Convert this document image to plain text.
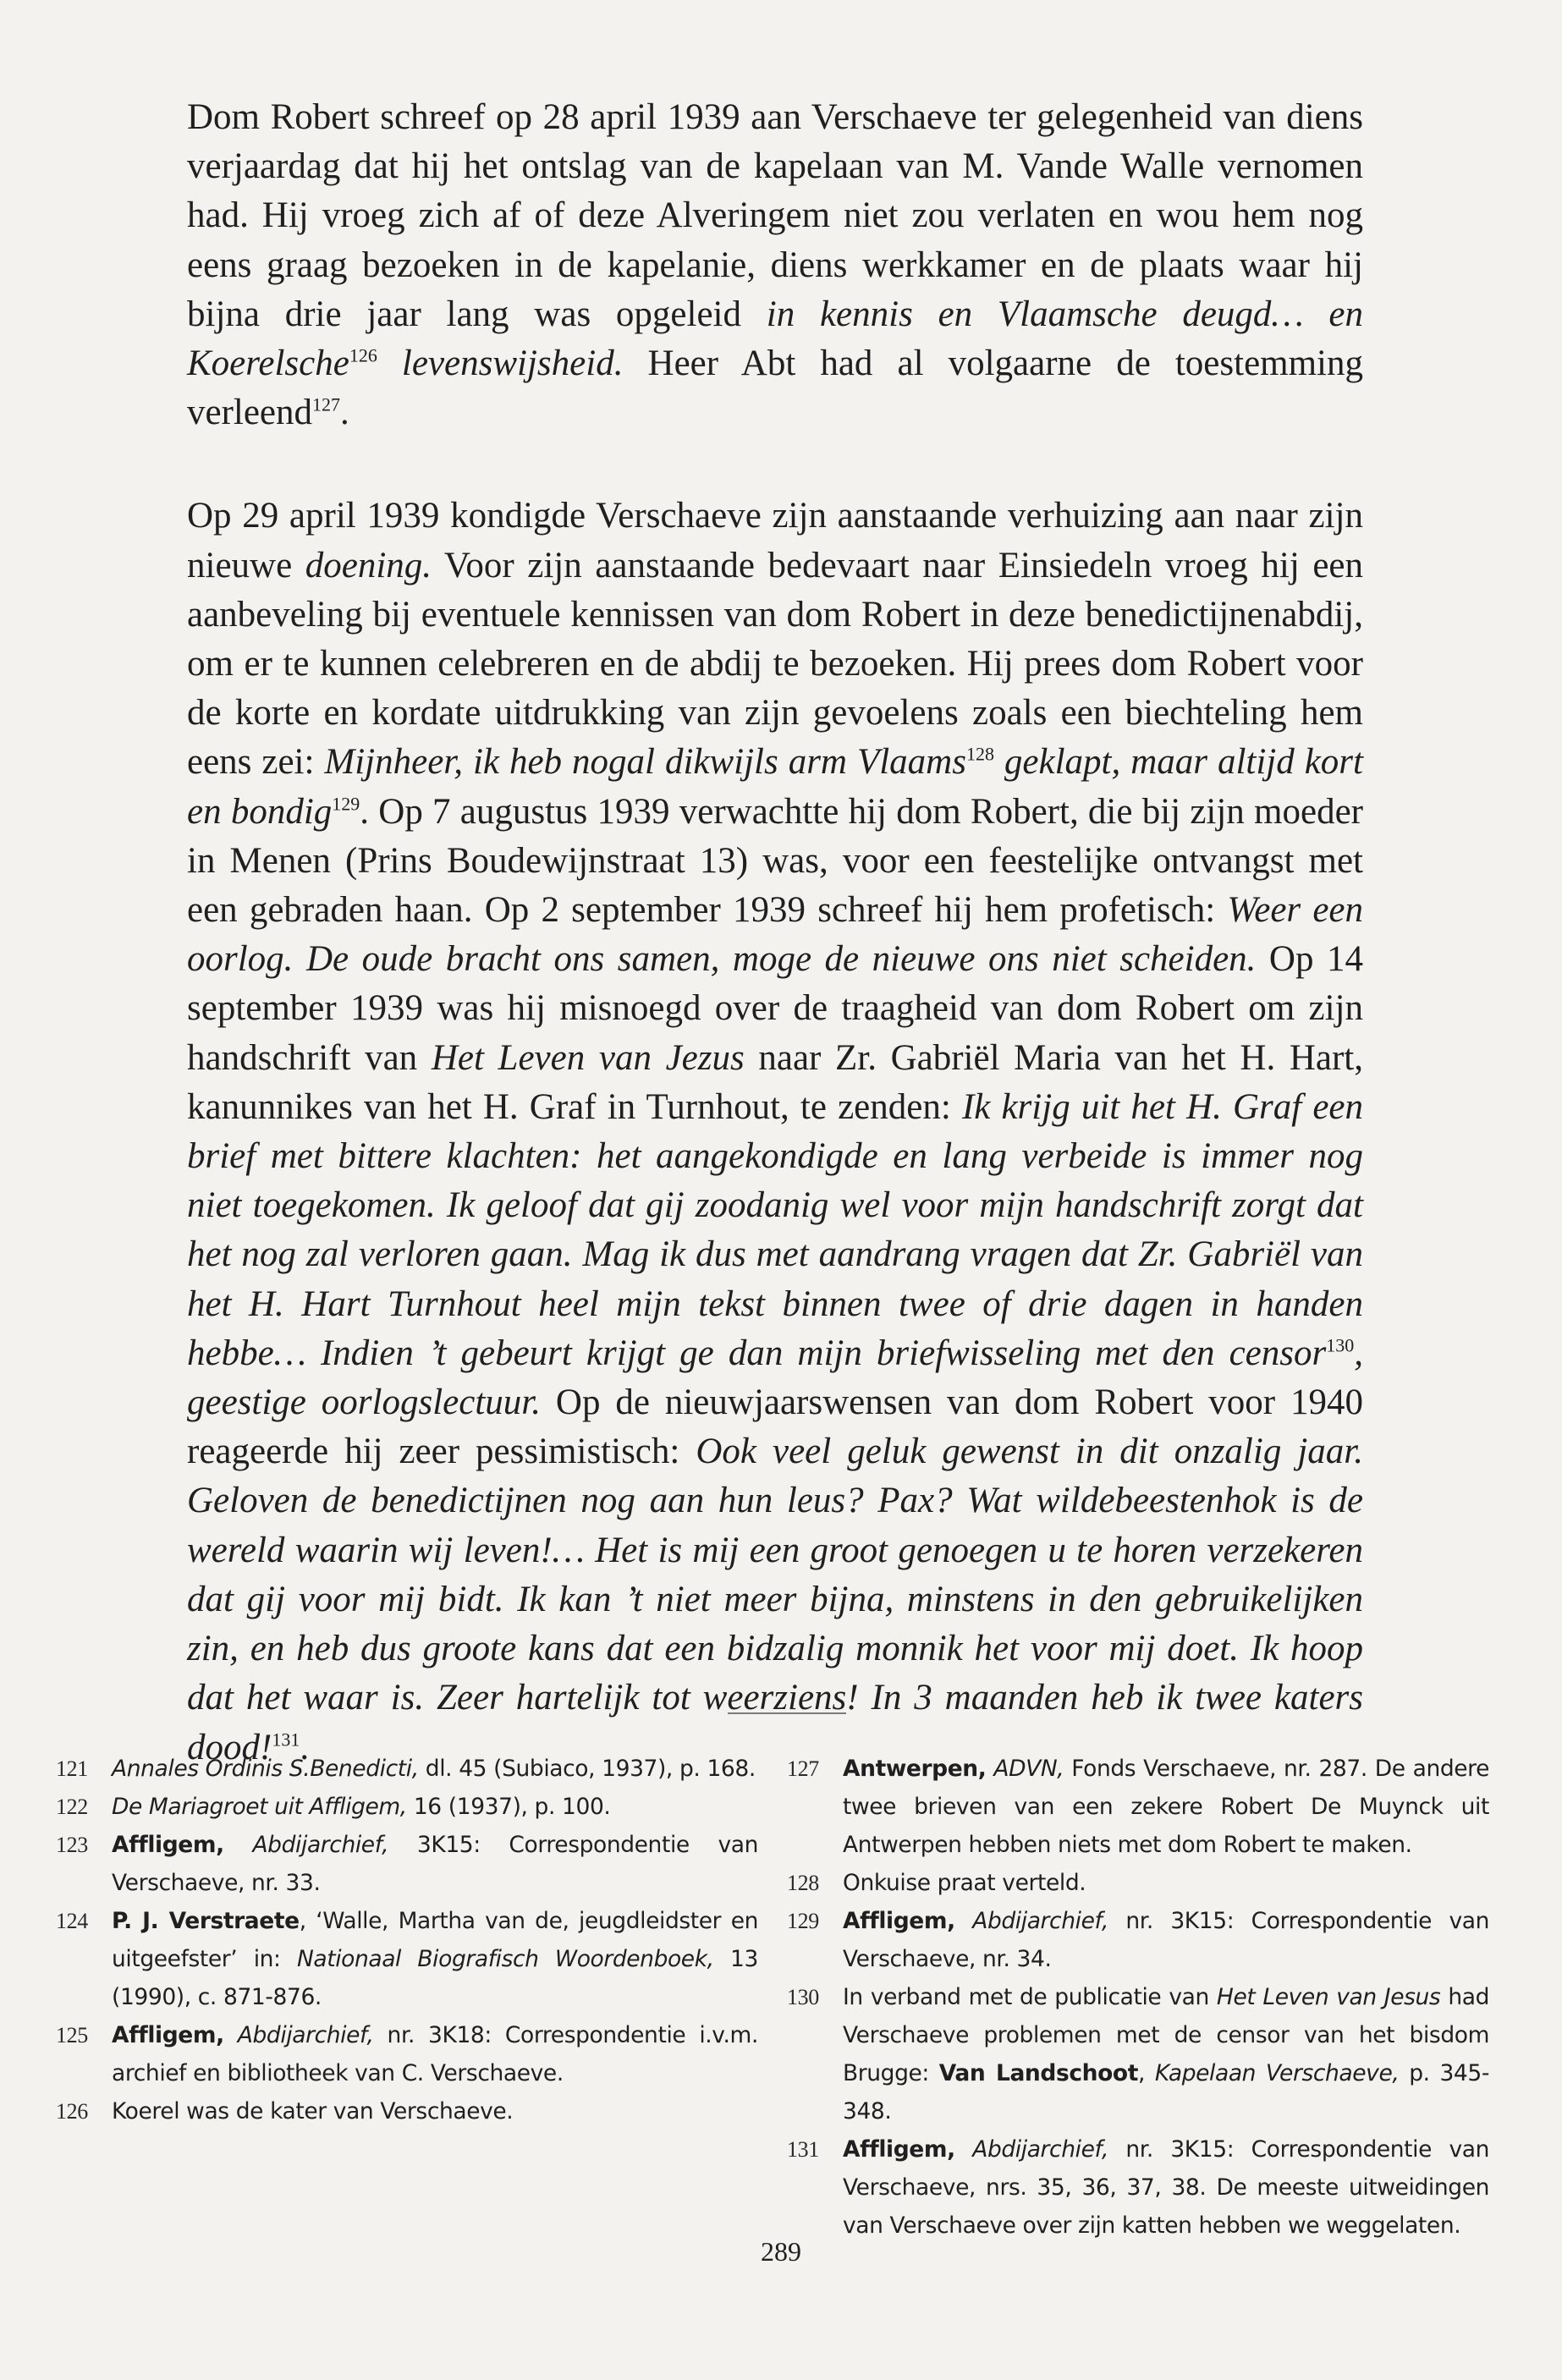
Dom Robert schreef op 28 april 1939 aan Verschaeve ter gelegenheid van diens verjaardag dat hij het ontslag van de kapelaan van M. Vande Walle vernomen had. Hij vroeg zich af of deze Alveringem niet zou verlaten en wou hem nog eens graag bezoeken in de kapelanie, diens werkkamer en de plaats waar hij bijna drie jaar lang was opgeleid in kennis en Vlaamsche deugd… en Koerelsche$^{126}$ levenswijsheid. Heer Abt had al volgaarne de toestemming verleend$^{127}$.

Op 29 april 1939 kondigde Verschaeve zijn aanstaande verhuizing aan naar zijn nieuwe doening. Voor zijn aanstaande bedevaart naar Einsiedeln vroeg hij een aanbeveling bij eventuele kennissen van dom Robert in deze benedictijnenabdij, om er te kunnen celebreren en de abdij te bezoeken. Hij prees dom Robert voor de korte en kordate uitdrukking van zijn gevoelens zoals een biechteling hem eens zei: Mijnheer, ik heb nogal dikwijls arm Vlaams$^{128}$ geklapt, maar altijd kort en bondig$^{129}$. Op 7 augustus 1939 verwachtte hij dom Robert, die bij zijn moeder in Menen (Prins Boudewijnstraat 13) was, voor een feestelijke ontvangst met een gebraden haan. Op 2 september 1939 schreef hij hem profetisch: Weer een oorlog. De oude bracht ons samen, moge de nieuwe ons niet scheiden. Op 14 september 1939 was hij misnoegd over de traagheid van dom Robert om zijn handschrift van Het Leven van Jezus naar Zr. Gabriël Maria van het H. Hart, kanunnikes van het H. Graf in Turnhout, te zenden: Ik krijg uit het H. Graf een brief met bittere klachten: het aangekondigde en lang verbeide is immer nog niet toegekomen. Ik geloof dat gij zoodanig wel voor mijn handschrift zorgt dat het nog zal verloren gaan. Mag ik dus met aandrang vragen dat Zr. Gabriël van het H. Hart Turnhout heel mijn tekst binnen twee of drie dagen in handen hebbe… Indien ’t gebeurt krijgt ge dan mijn briefwisseling met den censor$^{130}$, geestige oorlogslectuur. Op de nieuwjaarswensen van dom Robert voor 1940 reageerde hij zeer pessimistisch: Ook veel geluk gewenst in dit onzalig jaar. Geloven de benedictijnen nog aan hun leus? Pax? Wat wildebeestenhok is de wereld waarin wij leven!… Het is mij een groot genoegen u te horen verzekeren dat gij voor mij bidt. Ik kan ’t niet meer bijna, minstens in den gebruikelijken zin, en heb dus groote kans dat een bidzalig monnik het voor mij doet. Ik hoop dat het waar is. Zeer hartelijk tot weerziens! In 3 maanden heb ik twee katers dood!$^{131}$.

121 Annales Ordinis S.Benedicti, dl. 45 (Subiaco, 1937), p. 168.
122 De Mariagroet uit Affligem, 16 (1937), p. 100.
123 Affligem, Abdijarchief, 3K15: Correspondentie van Verschaeve, nr. 33.
124 P. J. Verstraete, ‘Walle, Martha van de, jeugdleidster en uitgeefster’ in: Nationaal Biografisch Woordenboek, 13 (1990), c. 871-876.
125 Affligem, Abdijarchief, nr. 3K18: Correspondentie i.v.m. archief en bibliotheek van C. Verschaeve.
126 Koerel was de kater van Verschaeve.
127 Antwerpen, ADVN, Fonds Verschaeve, nr. 287. De andere twee brieven van een zekere Robert De Muynck uit Antwerpen hebben niets met dom Robert te maken.
128 Onkuise praat verteld.
129 Affligem, Abdijarchief, nr. 3K15: Correspondentie van Verschaeve, nr. 34.
130 In verband met de publicatie van Het Leven van Jesus had Verschaeve problemen met de censor van het bisdom Brugge: Van Landschoot, Kapelaan Verschaeve, p. 345-348.
131 Affligem, Abdijarchief, nr. 3K15: Correspondentie van Verschaeve, nrs. 35, 36, 37, 38. De meeste uitweidingen van Verschaeve over zijn katten hebben we weggelaten.
289
